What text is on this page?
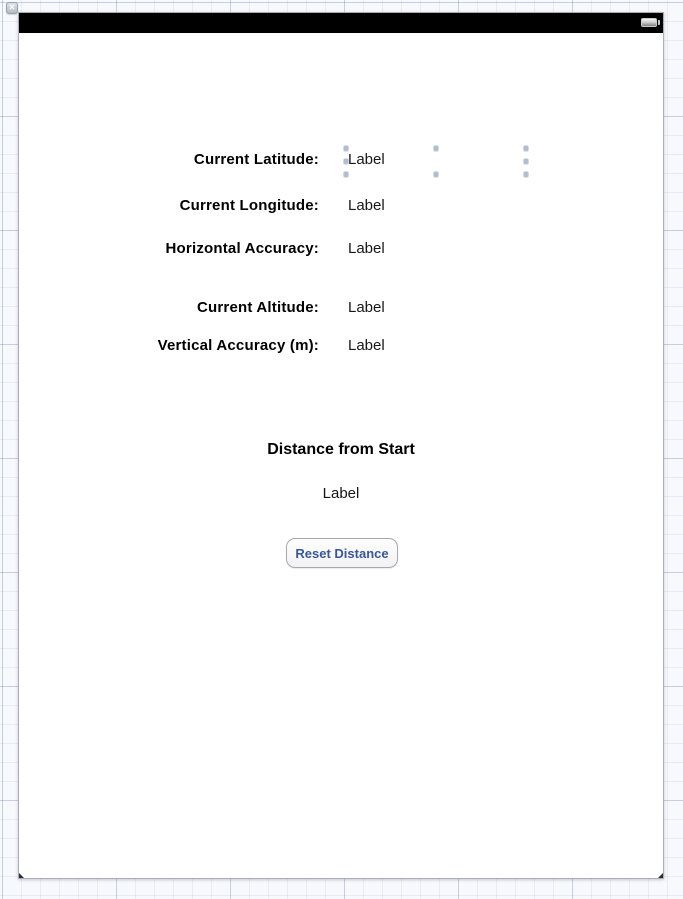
✕
Current Latitude: Label
Current Longitude: Label
Horizontal Accuracy: Label
Current Altitude: Label
Vertical Accuracy (m): Label
Distance from Start
Label
Reset Distance
